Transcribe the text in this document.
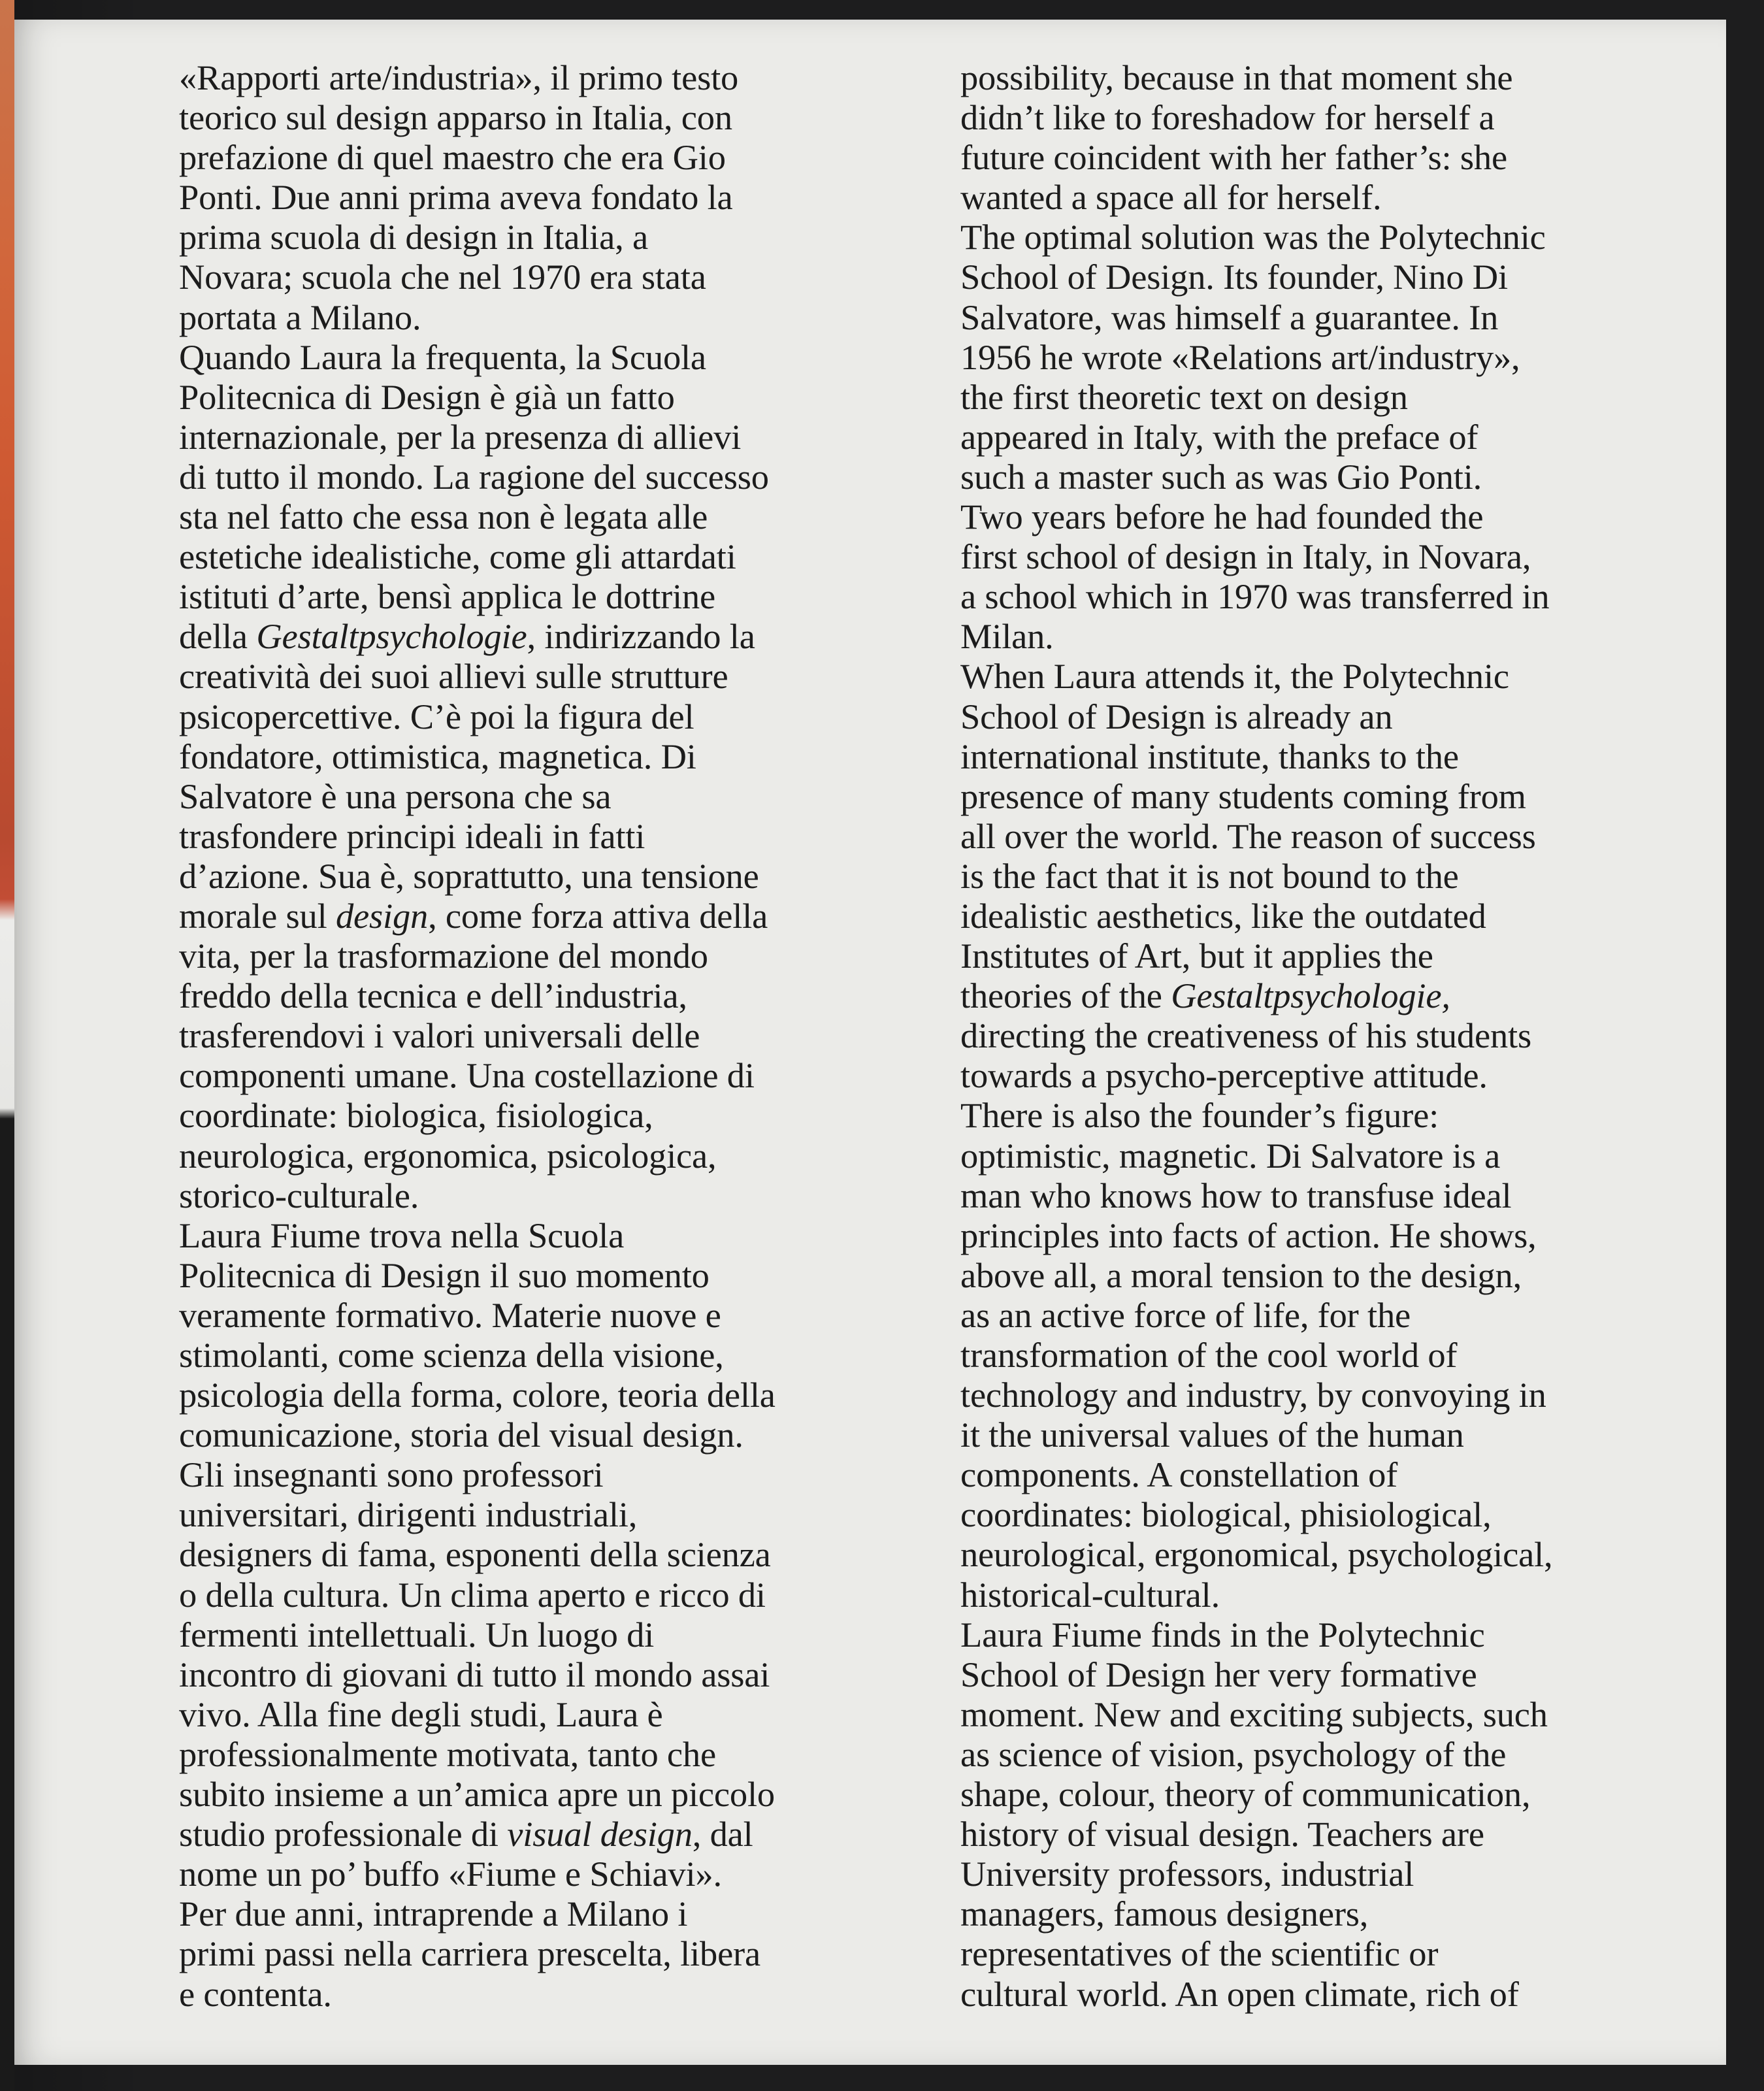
«Rapporti arte/industria», il primo testo
teorico sul design apparso in Italia, con
prefazione di quel maestro che era Gio
Ponti. Due anni prima aveva fondato la
prima scuola di design in Italia, a
Novara; scuola che nel 1970 era stata
portata a Milano.
Quando Laura la frequenta, la Scuola
Politecnica di Design è già un fatto
internazionale, per la presenza di allievi
di tutto il mondo. La ragione del successo
sta nel fatto che essa non è legata alle
estetiche idealistiche, come gli attardati
istituti d’arte, bensì applica le dottrine
della Gestaltpsychologie, indirizzando la
creatività dei suoi allievi sulle strutture
psicopercettive. C’è poi la figura del
fondatore, ottimistica, magnetica. Di
Salvatore è una persona che sa
trasfondere principi ideali in fatti
d’azione. Sua è, soprattutto, una tensione
morale sul design, come forza attiva della
vita, per la trasformazione del mondo
freddo della tecnica e dell’industria,
trasferendovi i valori universali delle
componenti umane. Una costellazione di
coordinate: biologica, fisiologica,
neurologica, ergonomica, psicologica,
storico-culturale.
Laura Fiume trova nella Scuola
Politecnica di Design il suo momento
veramente formativo. Materie nuove e
stimolanti, come scienza della visione,
psicologia della forma, colore, teoria della
comunicazione, storia del visual design.
Gli insegnanti sono professori
universitari, dirigenti industriali,
designers di fama, esponenti della scienza
o della cultura. Un clima aperto e ricco di
fermenti intellettuali. Un luogo di
incontro di giovani di tutto il mondo assai
vivo. Alla fine degli studi, Laura è
professionalmente motivata, tanto che
subito insieme a un’amica apre un piccolo
studio professionale di visual design, dal
nome un po’ buffo «Fiume e Schiavi».
Per due anni, intraprende a Milano i
primi passi nella carriera prescelta, libera
e contenta.
possibility, because in that moment she
didn’t like to foreshadow for herself a
future coincident with her father’s: she
wanted a space all for herself.
The optimal solution was the Polytechnic
School of Design. Its founder, Nino Di
Salvatore, was himself a guarantee. In
1956 he wrote «Relations art/industry»,
the first theoretic text on design
appeared in Italy, with the preface of
such a master such as was Gio Ponti.
Two years before he had founded the
first school of design in Italy, in Novara,
a school which in 1970 was transferred in
Milan.
When Laura attends it, the Polytechnic
School of Design is already an
international institute, thanks to the
presence of many students coming from
all over the world. The reason of success
is the fact that it is not bound to the
idealistic aesthetics, like the outdated
Institutes of Art, but it applies the
theories of the Gestaltpsychologie,
directing the creativeness of his students
towards a psycho-perceptive attitude.
There is also the founder’s figure:
optimistic, magnetic. Di Salvatore is a
man who knows how to transfuse ideal
principles into facts of action. He shows,
above all, a moral tension to the design,
as an active force of life, for the
transformation of the cool world of
technology and industry, by convoying in
it the universal values of the human
components. A constellation of
coordinates: biological, phisiological,
neurological, ergonomical, psychological,
historical-cultural.
Laura Fiume finds in the Polytechnic
School of Design her very formative
moment. New and exciting subjects, such
as science of vision, psychology of the
shape, colour, theory of communication,
history of visual design. Teachers are
University professors, industrial
managers, famous designers,
representatives of the scientific or
cultural world. An open climate, rich of
